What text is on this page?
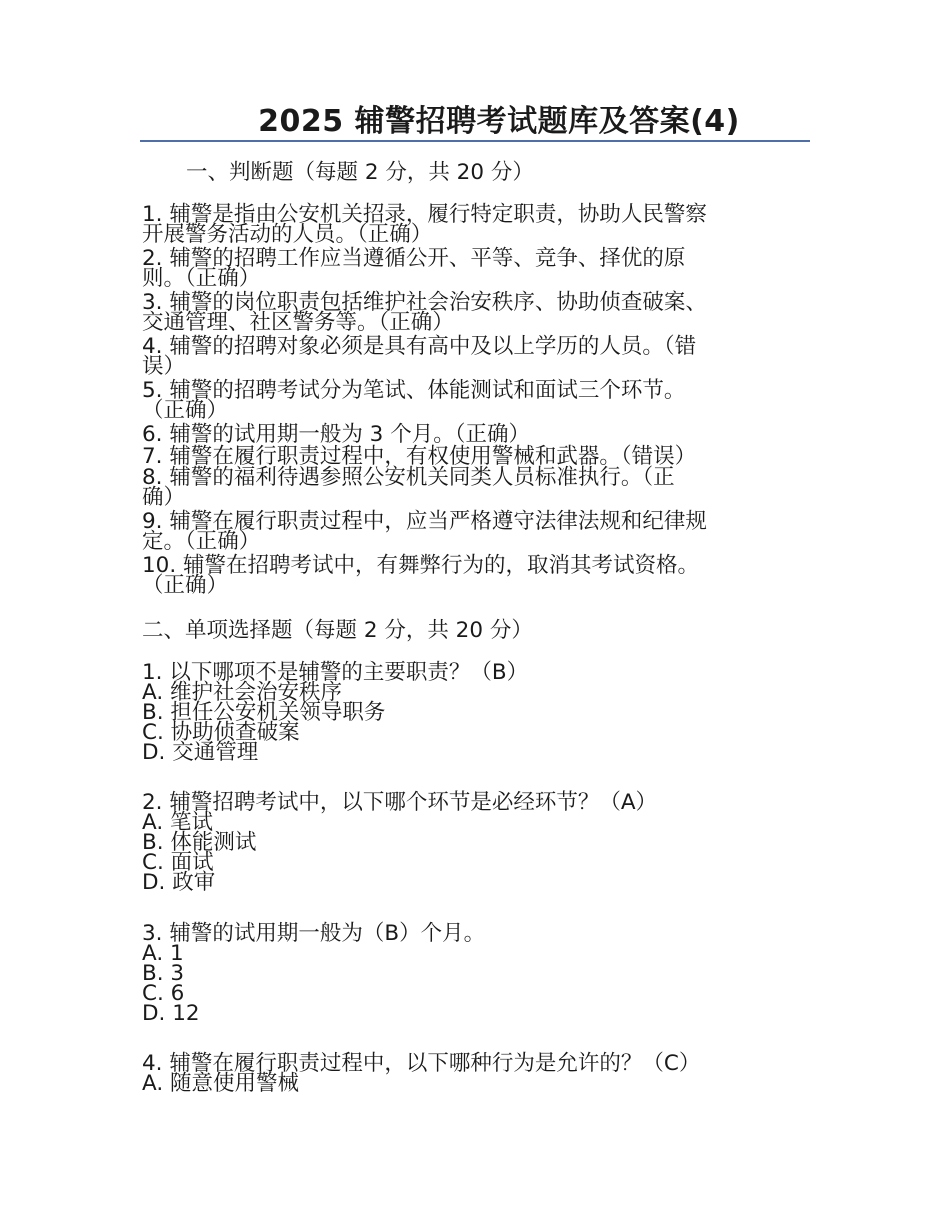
2025 辅警招聘考试题库及答案(4)
一、判断题（每题 2 分，共 20 分）
1. 辅警是指由公安机关招录，履行特定职责，协助人民警察
开展警务活动的人员。（正确）
2. 辅警的招聘工作应当遵循公开、平等、竞争、择优的原
则。（正确）
3. 辅警的岗位职责包括维护社会治安秩序、协助侦查破案、
交通管理、社区警务等。（正确）
4. 辅警的招聘对象必须是具有高中及以上学历的人员。（错
误）
5. 辅警的招聘考试分为笔试、体能测试和面试三个环节。
（正确）
6. 辅警的试用期一般为 3 个月。（正确）
7. 辅警在履行职责过程中，有权使用警械和武器。（错误）
8. 辅警的福利待遇参照公安机关同类人员标准执行。（正
确）
9. 辅警在履行职责过程中，应当严格遵守法律法规和纪律规
定。（正确）
10. 辅警在招聘考试中，有舞弊行为的，取消其考试资格。
（正确）
二、单项选择题（每题 2 分，共 20 分）
1. 以下哪项不是辅警的主要职责？（B）
A. 维护社会治安秩序
B. 担任公安机关领导职务
C. 协助侦查破案
D. 交通管理
2. 辅警招聘考试中，以下哪个环节是必经环节？（A）
A. 笔试
B. 体能测试
C. 面试
D. 政审
3. 辅警的试用期一般为（B）个月。
A. 1
B. 3
C. 6
D. 12
4. 辅警在履行职责过程中，以下哪种行为是允许的？（C）
A. 随意使用警械
